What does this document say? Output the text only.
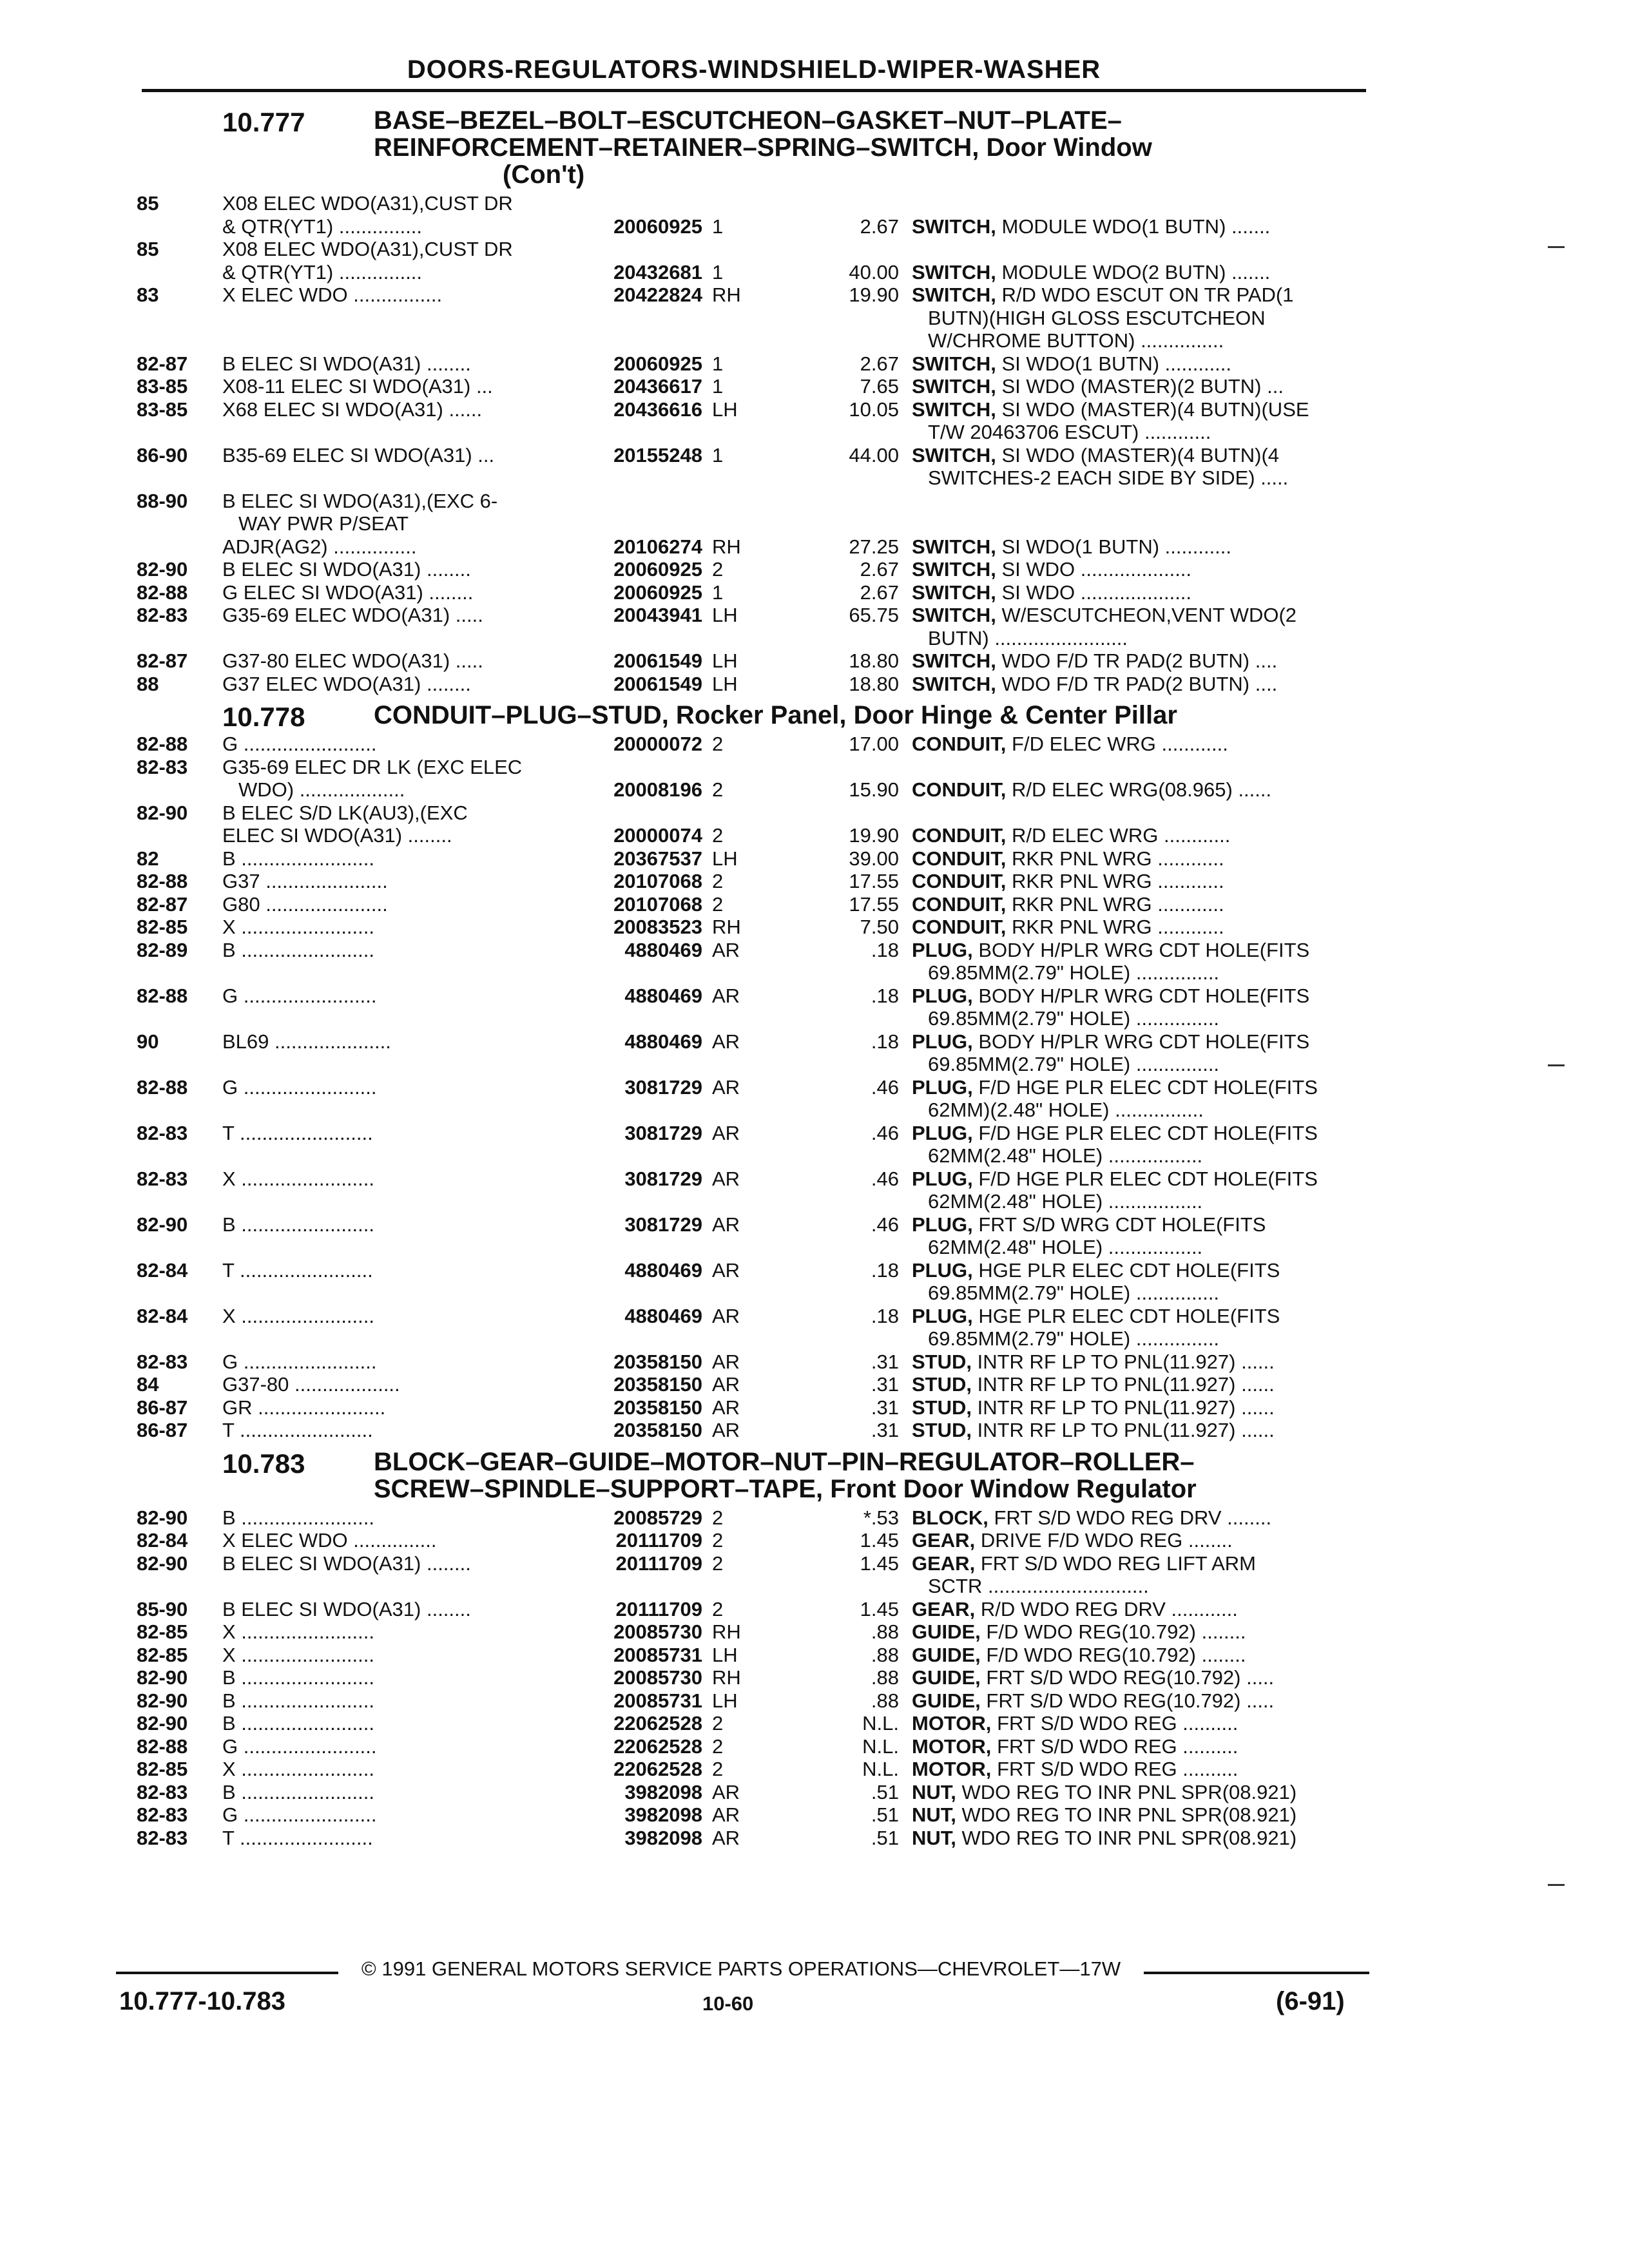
DOORS-REGULATORS-WINDSHIELD-WIPER-WASHER
10.777	BASE–BEZEL–BOLT–ESCUTCHEON–GASKET–NUT–PLATE–
REINFORCEMENT–RETAINER–SPRING–SWITCH, Door Window
(Con't)
85	X08 ELEC WDO(A31),CUST DR
& QTR(YT1) ...............	20060925 1	2.67 SWITCH, MODULE WDO(1 BUTN) .......
85	X08 ELEC WDO(A31),CUST DR
& QTR(YT1) ...............	20432681 1	40.00 SWITCH, MODULE WDO(2 BUTN) .......
83	X ELEC WDO ................	20422824 RH	19.90 SWITCH, R/D WDO ESCUT ON TR PAD(1
BUTN)(HIGH GLOSS ESCUTCHEON
W/CHROME BUTTON) ...............
82-87 B ELEC SI WDO(A31) ........	20060925 1	2.67 SWITCH, SI WDO(1 BUTN) ............
83-85 X08-11 ELEC SI WDO(A31) ...	20436617 1	7.65 SWITCH, SI WDO (MASTER)(2 BUTN) ...
83-85 X68 ELEC SI WDO(A31) ......	20436616 LH	10.05 SWITCH, SI WDO (MASTER)(4 BUTN)(USE
T/W 20463706 ESCUT) ............
86-90 B35-69 ELEC SI WDO(A31) ...	20155248 1	44.00 SWITCH, SI WDO (MASTER)(4 BUTN)(4
SWITCHES-2 EACH SIDE BY SIDE) .....
88-90 B ELEC SI WDO(A31),(EXC 6-
WAY PWR P/SEAT
ADJR(AG2) ...............	20106274 RH	27.25 SWITCH, SI WDO(1 BUTN) ............
82-90 B ELEC SI WDO(A31) ........	20060925 2	2.67 SWITCH, SI WDO ....................
82-88 G ELEC SI WDO(A31) ........	20060925 1	2.67 SWITCH, SI WDO ....................
82-83 G35-69 ELEC WDO(A31) .....	20043941 LH	65.75 SWITCH, W/ESCUTCHEON,VENT WDO(2
BUTN) ........................
82-87 G37-80 ELEC WDO(A31) .....	20061549 LH	18.80 SWITCH, WDO F/D TR PAD(2 BUTN) ....
88	G37 ELEC WDO(A31) ........	20061549 LH	18.80 SWITCH, WDO F/D TR PAD(2 BUTN) ....
10.778	CONDUIT–PLUG–STUD, Rocker Panel, Door Hinge & Center Pillar
82-88 G ........................	20000072 2	17.00 CONDUIT, F/D ELEC WRG ............
82-83 G35-69 ELEC DR LK (EXC ELEC
WDO) ...................	20008196 2	15.90 CONDUIT, R/D ELEC WRG(08.965) ......
82-90 B ELEC S/D LK(AU3),(EXC
ELEC SI WDO(A31) ........	20000074 2	19.90 CONDUIT, R/D ELEC WRG ............
82	B ........................	20367537 LH	39.00 CONDUIT, RKR PNL WRG ............
82-88 G37 ......................	20107068 2	17.55 CONDUIT, RKR PNL WRG ............
82-87 G80 ......................	20107068 2	17.55 CONDUIT, RKR PNL WRG ............
82-85 X ........................	20083523 RH	7.50 CONDUIT, RKR PNL WRG ............
82-89 B ........................	4880469 AR	.18 PLUG, BODY H/PLR WRG CDT HOLE(FITS
69.85MM(2.79" HOLE) ...............
82-88 G ........................	4880469 AR	.18 PLUG, BODY H/PLR WRG CDT HOLE(FITS
69.85MM(2.79" HOLE) ...............
90	BL69 .....................	4880469 AR	.18 PLUG, BODY H/PLR WRG CDT HOLE(FITS
69.85MM(2.79" HOLE) ...............
82-88 G ........................	3081729 AR	.46 PLUG, F/D HGE PLR ELEC CDT HOLE(FITS
62MM)(2.48" HOLE) ................
82-83 T ........................	3081729 AR	.46 PLUG, F/D HGE PLR ELEC CDT HOLE(FITS
62MM(2.48" HOLE) .................
82-83 X ........................	3081729 AR	.46 PLUG, F/D HGE PLR ELEC CDT HOLE(FITS
62MM(2.48" HOLE) .................
82-90 B ........................	3081729 AR	.46 PLUG, FRT S/D WRG CDT HOLE(FITS
62MM(2.48" HOLE) .................
82-84 T ........................	4880469 AR	.18 PLUG, HGE PLR ELEC CDT HOLE(FITS
69.85MM(2.79" HOLE) ...............
82-84 X ........................	4880469 AR	.18 PLUG, HGE PLR ELEC CDT HOLE(FITS
69.85MM(2.79" HOLE) ...............
82-83 G ........................	20358150 AR	.31 STUD, INTR RF LP TO PNL(11.927) ......
84	G37-80 ...................	20358150 AR	.31 STUD, INTR RF LP TO PNL(11.927) ......
86-87 GR .......................	20358150 AR	.31 STUD, INTR RF LP TO PNL(11.927) ......
86-87 T ........................	20358150 AR	.31 STUD, INTR RF LP TO PNL(11.927) ......
10.783	BLOCK–GEAR–GUIDE–MOTOR–NUT–PIN–REGULATOR–ROLLER–
SCREW–SPINDLE–SUPPORT–TAPE, Front Door Window Regulator
82-90 B ........................	20085729 2	*.53 BLOCK, FRT S/D WDO REG DRV ........
82-84 X ELEC WDO ...............	20111709 2	1.45 GEAR, DRIVE F/D WDO REG ........
82-90 B ELEC SI WDO(A31) ........	20111709 2	1.45 GEAR, FRT S/D WDO REG LIFT ARM
SCTR .............................
85-90 B ELEC SI WDO(A31) ........	20111709 2	1.45 GEAR, R/D WDO REG DRV ............
82-85 X ........................	20085730 RH	.88 GUIDE, F/D WDO REG(10.792) ........
82-85 X ........................	20085731 LH	.88 GUIDE, F/D WDO REG(10.792) ........
82-90 B ........................	20085730 RH	.88 GUIDE, FRT S/D WDO REG(10.792) .....
82-90 B ........................	20085731 LH	.88 GUIDE, FRT S/D WDO REG(10.792) .....
82-90 B ........................	22062528 2	N.L. MOTOR, FRT S/D WDO REG ..........
82-88 G ........................	22062528 2	N.L. MOTOR, FRT S/D WDO REG ..........
82-85 X ........................	22062528 2	N.L. MOTOR, FRT S/D WDO REG ..........
82-83 B ........................	3982098 AR	.51 NUT, WDO REG TO INR PNL SPR(08.921)
82-83 G ........................	3982098 AR	.51 NUT, WDO REG TO INR PNL SPR(08.921)
82-83 T ........................	3982098 AR	.51 NUT, WDO REG TO INR PNL SPR(08.921)
© 1991 GENERAL MOTORS SERVICE PARTS OPERATIONS—CHEVROLET—17W
10.777-10.783	10-60	(6-91)
